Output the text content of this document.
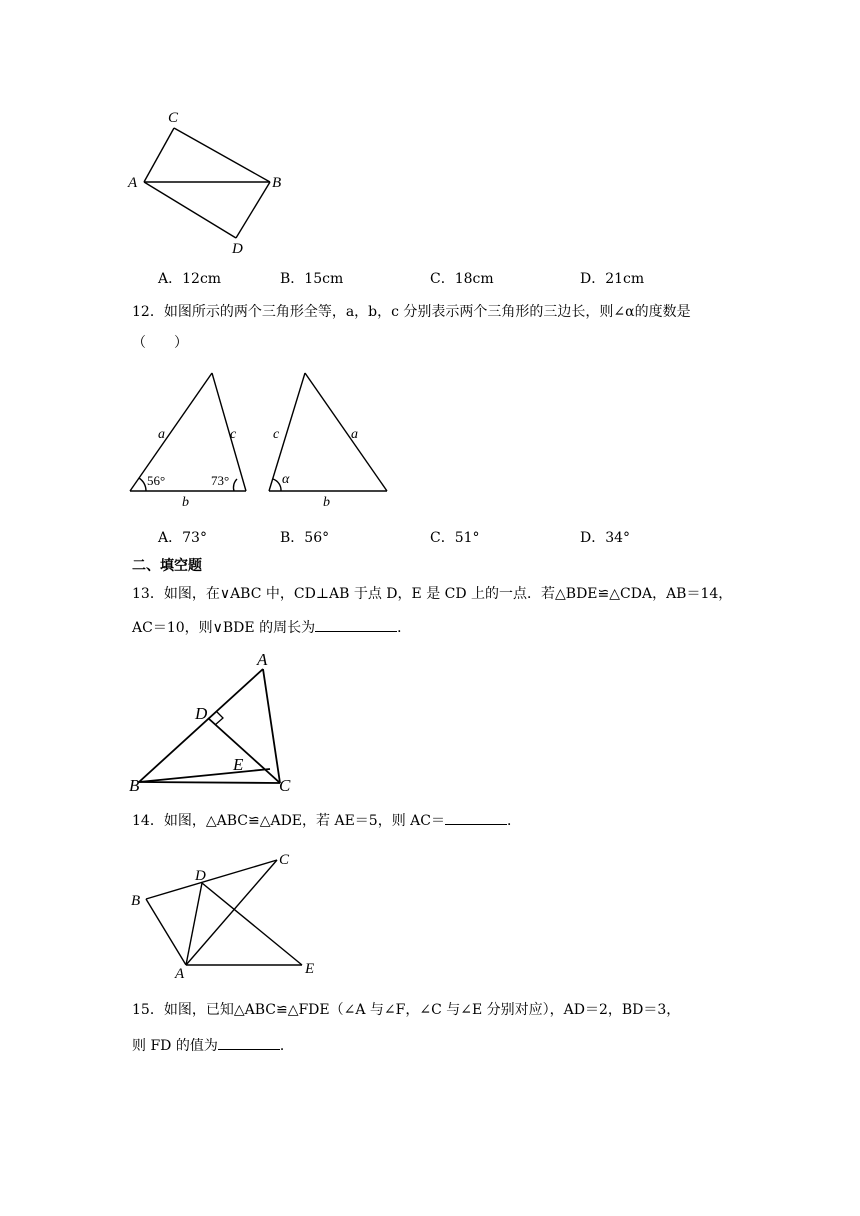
C
A	B
D
A．12cm	B．15cm	C．18cm	D．21cm
12．如图所示的两个三角形全等，a，b，c 分别表示两个三角形的三边长，则∠α的度数是
（　　）
a	c
b
56°	73°
c	a
b
α
A．73°	B．56°	C．51°	D．34°
二、填空题
13．如图，在∨ABC 中，CD⊥AB 于点 D，E 是 CD 上的一点．若△BDE≌△CDA，AB＝14，
AC＝10，则∨BDE 的周长为	．
A
D
E
B	C
14．如图，△ABC≌△ADE，若 AE＝5，则 AC＝	．
C
D
B
A	E
15．如图，已知△ABC≌△FDE（∠A 与∠F，∠C 与∠E 分别对应），AD＝2，BD＝3，
则 FD 的值为	．
